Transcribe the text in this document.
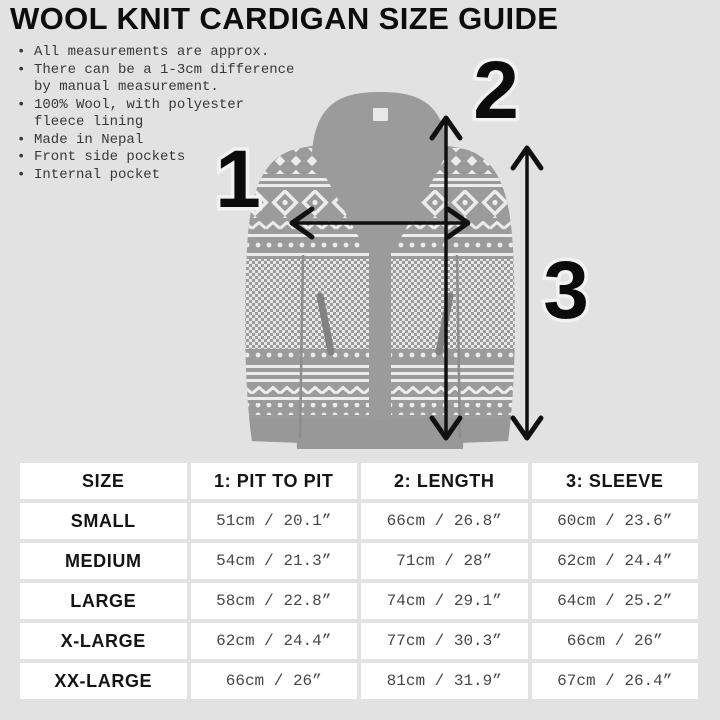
WOOL KNIT CARDIGAN SIZE GUIDE
• All measurements are approx.
• There can be a 1-3cm difference by manual measurement.
• 100% Wool, with polyester fleece lining
• Made in Nepal
• Front side pockets
• Internal pocket 1
2
3
SIZE	1: PIT TO PIT	2: LENGTH	3: SLEEVE
SMALL	51cm / 20.1”	66cm / 26.8”	60cm / 23.6”
MEDIUM	54cm / 21.3”	71cm / 28”	62cm / 24.4”
LARGE	58cm / 22.8”	74cm / 29.1”	64cm / 25.2”
X-LARGE	62cm / 24.4”	77cm / 30.3”	66cm / 26”
XX-LARGE	66cm / 26”	81cm / 31.9”	67cm / 26.4”
